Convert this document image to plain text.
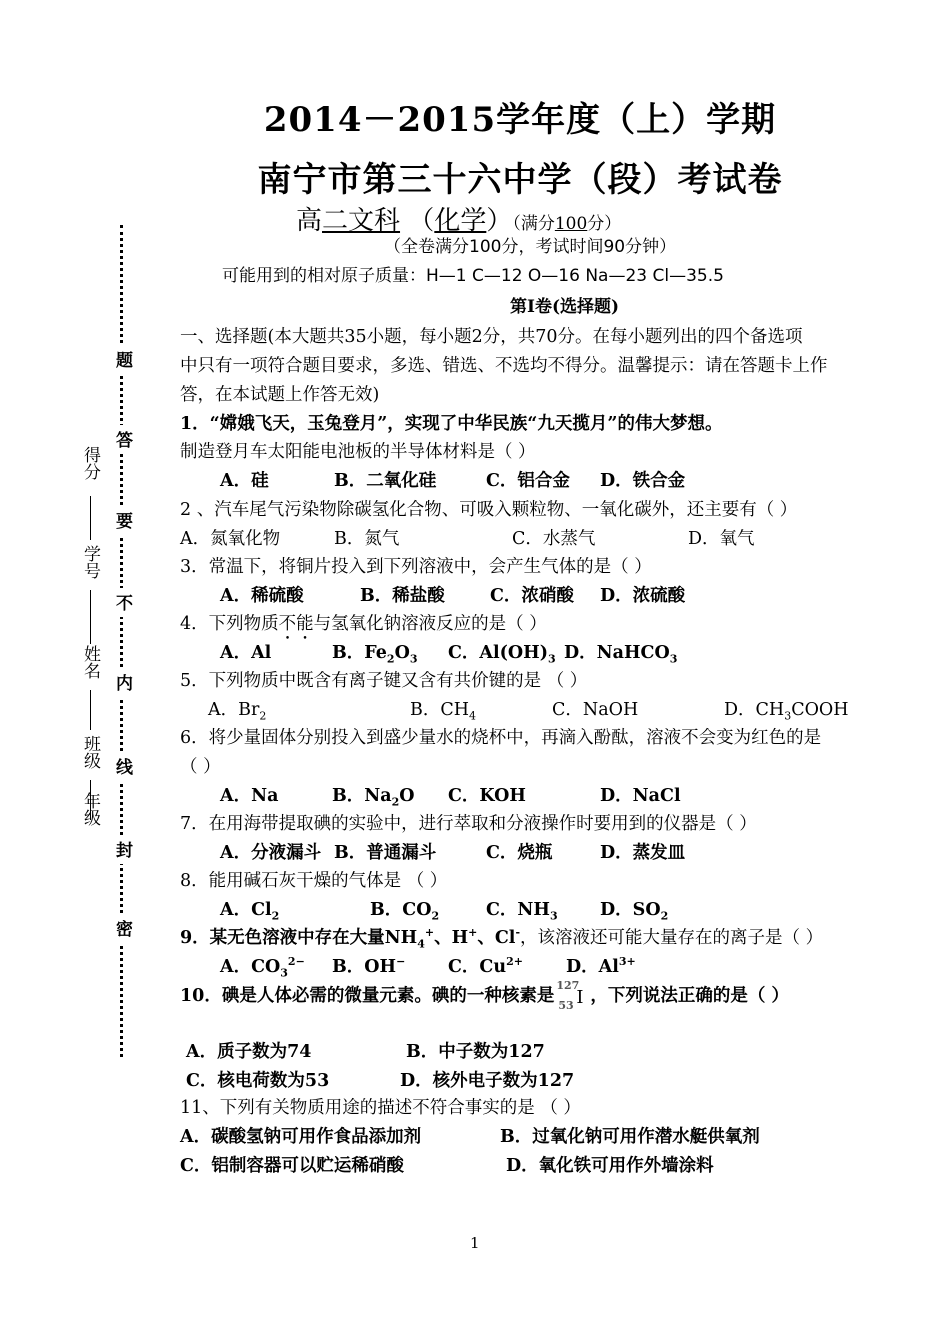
2014－2015学年度（上）学期
南宁市第三十六中学（段）考试卷
高二文科 （化学）（满分100分）
（全卷满分100分，考试时间90分钟）
可能用到的相对原子质量：H—1 C—12 O—16 Na—23 Cl—35.5
第Ⅰ卷(选择题)
一、选择题(本大题共35小题，每小题2分，共70分。在每小题列出的四个备选项
中只有一项符合题目要求，多选、错选、不选均不得分。温馨提示：请在答题卡上作
答，在本试题上作答无效)
1．“嫦娥飞天，玉兔登月”，实现了中华民族“九天揽月”的伟大梦想。
制造登月车太阳能电池板的半导体材料是（ ）
A．硅	B．二氧化硅	C．铝合金 D．铁合金
2 、汽车尾气污染物除碳氢化合物、可吸入颗粒物、一氧化碳外，还主要有（ ）
A．氮氧化物	B．氮气	C．水蒸气	D．氧气
3．常温下，将铜片投入到下列溶液中，会产生气体的是（ ）
A．稀硫酸	B．稀盐酸	C．浓硝酸 D．浓硫酸
4．下列物质不能与氢氧化钠溶液反应的是（ ）
A．Al	B．$Fe_2O_3$ C．$Al(OH)_3$ D．NaHCO$_3$
5．下列物质中既含有离子键又含有共价键的是 （ ）
A．$Br_2$	B．$CH_4$	C．NaOH	D．$CH_3COOH$
6．将少量固体分别投入到盛少量水的烧杯中，再滴入酚酞，溶液不会变为红色的是
（ ）
A．Na	B．$Na_2O$ C．KOH	D．NaCl
7．在用海带提取碘的实验中，进行萃取和分液操作时要用到的仪器是（ ）
A．分液漏斗 B．普通漏斗	C．烧瓶	D．蒸发皿
8．能用碱石灰干燥的气体是 （ ）
A．$Cl_2$	B．$CO_2$	C．$NH_3$ D．$SO_2$
9．某无色溶液中存在大量$NH_4^+$、H+、Cl-，该溶液还可能大量存在的离子是（ ）
A．$CO_3^{2-}$ B．OH− C．$Cu^{2+}$ D．$Al^{3+}$
10．碘是人体必需的微量元素。碘的一种核素是
127
53 I ，下列说法正确的是（ ）
A．质子数为74	B．中子数为127
C．核电荷数为53	D．核外电子数为127
11、下列有关物质用途的描述不符合事实的是 （ ）
A．碳酸氢钠可用作食品添加剂	B．过氧化钠可用作潜水艇供氧剂
C．铝制容器可以贮运稀硝酸	D．氧化铁可用作外墙涂料
题
答
要
不
内
线
封
密
得分
学号
姓名
班级
年级
1
